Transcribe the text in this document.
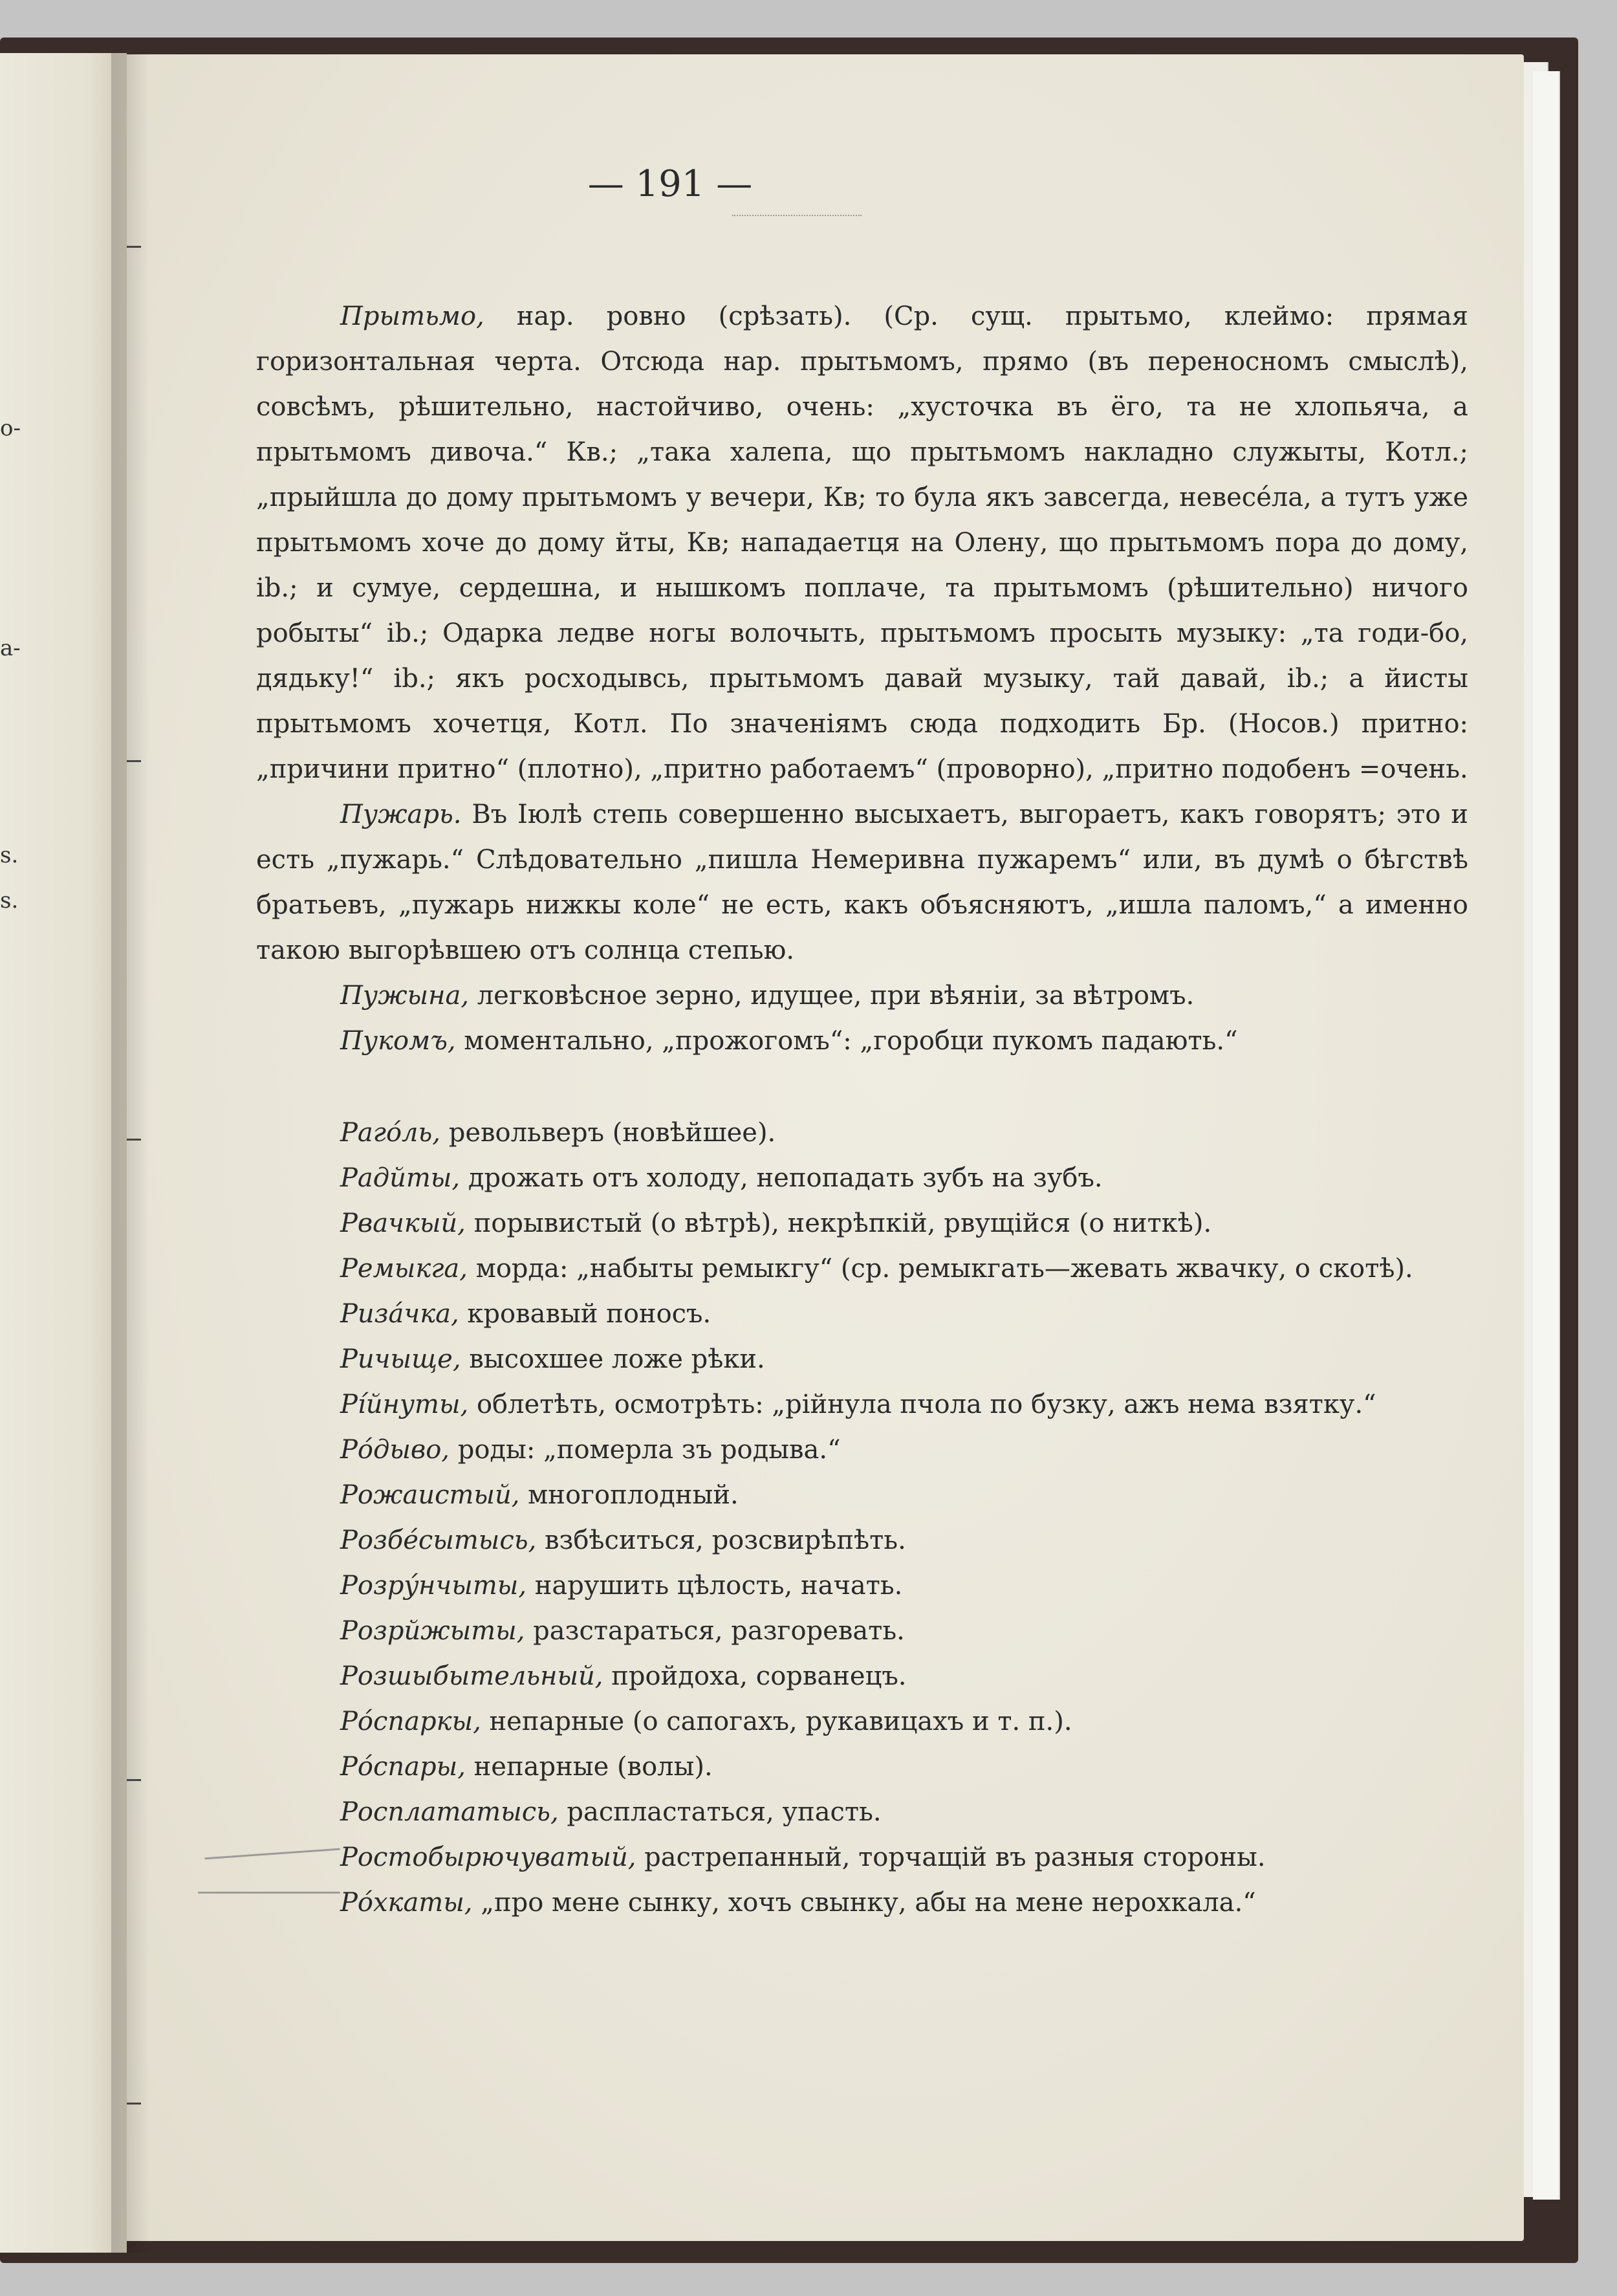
o-
а-
s.
s.
— 191 —

Прытьмо, нар. ровно (срѣзать). (Ср. сущ. прытьмо, клеймо: прямая горизонтальная черта. Отсюда нар. прытьмомъ, прямо (въ переносномъ смыслѣ), совсѣмъ, рѣшительно, настойчиво, очень: „хусточка въ ёго, та не хлопьяча, а прытьмомъ дивоча.“ Кв.; „така халепа, що прытьмомъ накладно служыты, Котл.; „прыйшла до дому прытьмомъ у вечери, Кв; то була якъ завсегда, невесéла, а тутъ уже прытьмомъ хоче до дому йты, Кв; нападаетця на Олену, що прытьмомъ пора до дому, іb.; и сумуе, сердешна, и нышкомъ поплаче, та прытьмомъ (рѣшительно) ничого робыты“ іb.; Одарка ледве ногы волочыть, прытьмомъ просыть музыку: „та годи-бо, дядьку!“ іb.; якъ росходывсь, прытьмомъ давай музыку, тай давай, іb.; а йисты прытьмомъ хочетця, Котл. По значеніямъ сюда подходить Бр. (Носов.) притно: „причини притно“ (плотно), „притно работаемъ“ (проворно), „притно подобенъ =очень.

Пужарь. Въ Іюлѣ степь совершенно высыхаетъ, выгораетъ, какъ говорятъ; это и есть „пужарь.“ Слѣдовательно „пишла Немеривна пужаремъ“ или, въ думѣ о бѣгствѣ братьевъ, „пужарь нижкы коле“ не есть, какъ объясняютъ, „ишла паломъ,“ а именно такою выгорѣвшею отъ солнца степью.

Пужына, легковѣсное зерно, идущее, при вѣяніи, за вѣтромъ.

Пукомъ, моментально, „прожогомъ“: „горобци пукомъ падають.“

Рагóль, револьверъ (новѣйшее).

Радйты, дрожать отъ холоду, непопадать зубъ на зубъ.

Рвачкый, порывистый (о вѣтрѣ), некрѣпкій, рвущійся (о ниткѣ).

Ремыкга, морда: „набыты ремыкгу“ (ср. ремыкгать—жевать жвачку, о скотѣ).

Ризáчка, кровавый поносъ.

Ричыще, высохшее ложе рѣки.

Рíйнуты, облетѣть, осмотрѣть: „рійнула пчола по бузку, ажъ нема взятку.“

Рóдыво, роды: „померла зъ родыва.“

Рожаистый, многоплодный.

Розбéсытысь, взбѣситься, розсвирѣпѣть.

Розрýнчыты, нарушить цѣлость, начать.

Розрйжыты, разстараться, разгоревать.

Розшыбытельный, пройдоха, сорванецъ.

Рóспаркы, непарные (о сапогахъ, рукавицахъ и т. п.).

Рóспары, непарные (волы).

Росплататысь, распластаться, упасть.

Ростобырючуватый, растрепанный, торчащій въ разныя стороны.

Рóхкаты, „про мене сынку, хочъ свынку, абы на мене нерохкала.“
